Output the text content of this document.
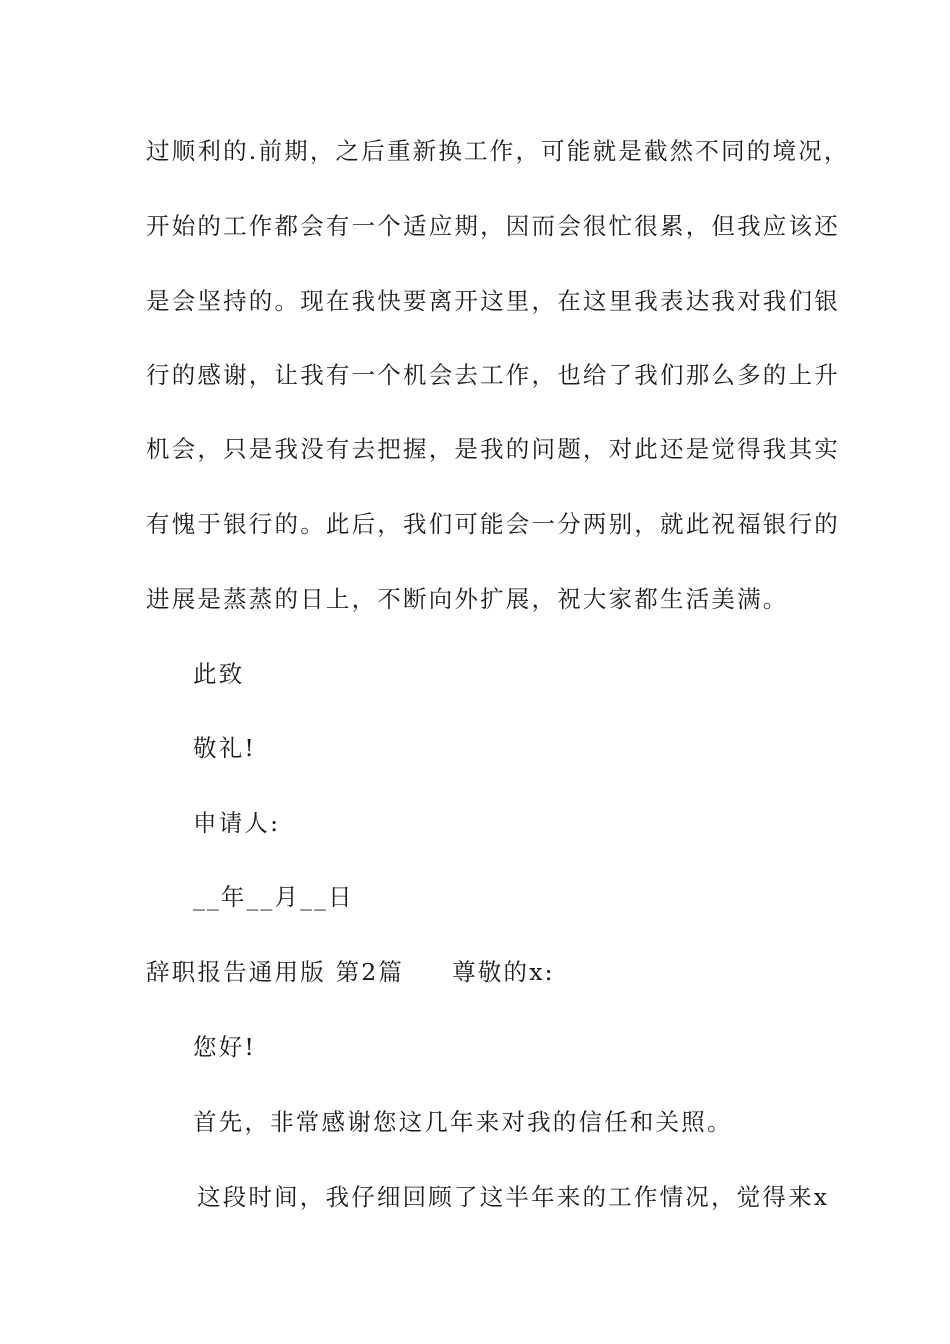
过顺利的.前期，之后重新换工作，可能就是截然不同的境况，
开始的工作都会有一个适应期，因而会很忙很累，但我应该还
是会坚持的。现在我快要离开这里，在这里我表达我对我们银
行的感谢，让我有一个机会去工作，也给了我们那么多的上升
机会，只是我没有去把握，是我的问题，对此还是觉得我其实
有愧于银行的。此后，我们可能会一分两别，就此祝福银行的
进展是蒸蒸的日上，不断向外扩展，祝大家都生活美满。
此致
敬礼!
申请人:
__年__月__日
辞职报告通用版 第2篇 尊敬的x:
您好!
首先，非常感谢您这几年来对我的信任和关照。
这段时间，我仔细回顾了这半年来的工作情况，觉得来x
